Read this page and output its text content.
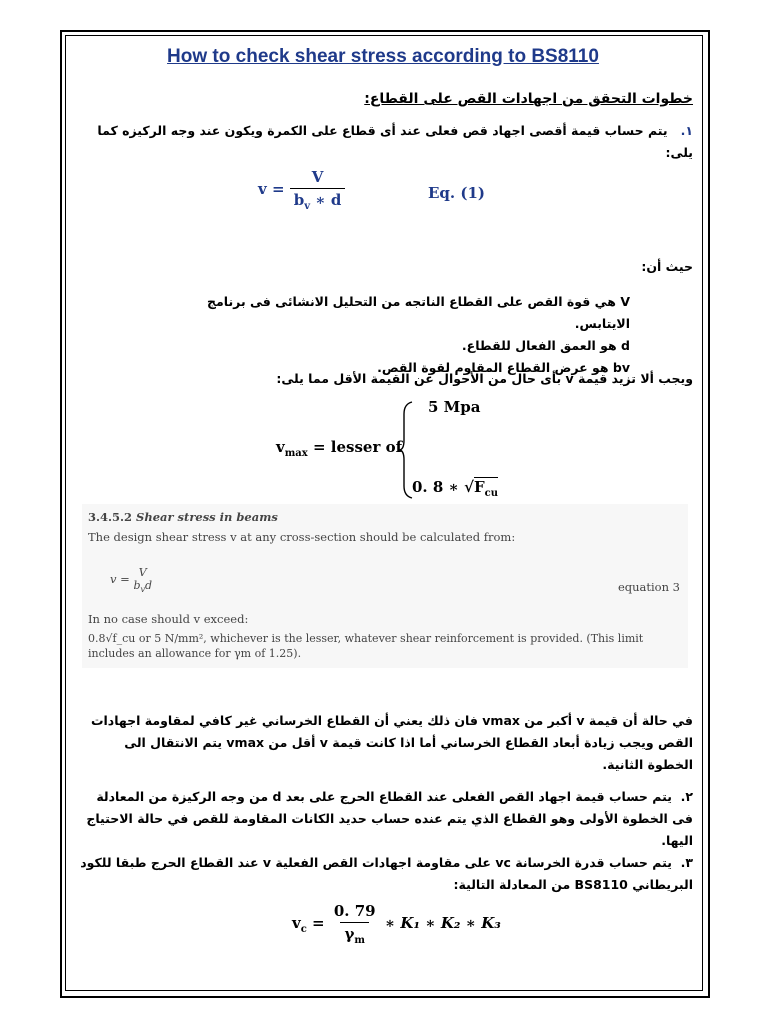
How to check shear stress according to BS8110
خطوات التحقق من اجهادات القص على القطاع:
١.   يتم حساب قيمة أقصى اجهاد قص فعلى عند أى قطاع على الكمرة ويكون عند وجه الركيزه كما يلى:
$v = \frac{V}{b_v ∗ d}$	Eq. (1)
حيث أن:
V هي قوة القص على القطاع الناتجه من التحليل الانشائى فى برنامج الايتابس.
d هو العمق الفعال للقطاع.
bv هو عرض القطاع المقاوم لقوة القص.
ويجب ألا تزيد قيمة v بأى حال من الأحوال عن القيمة الأقل مما يلى:
$v_{max}$ = lesser of
5 Mpa
0. 8 ∗ $√F_{cu}$
3.4.5.2 Shear stress in beams
The design shear stress v at any cross-section should be calculated from:
v = V
$b_vd$	equation 3
In no case should v exceed:
0.8√f_cu or 5 N/mm², whichever is the lesser, whatever shear reinforcement is provided. (This limit
includes an allowance for γm of 1.25).
في حالة أن قيمة v أكبر من vmax فان ذلك يعني أن القطاع الخرساني غير كافي لمقاومة اجهادات القص ويجب زيادة أبعاد القطاع الخرساني أما اذا كانت قيمة v أقل من vmax يتم الانتقال الى الخطوة الثانية.
٢.  يتم حساب قيمة اجهاد القص الفعلى عند القطاع الحرج على بعد d من وجه الركيزة من المعادلة فى الخطوة الأولى وهو القطاع الذي يتم عنده حساب حديد الكانات المقاومة للقص في حالة الاحتياج اليها.
٣.  يتم حساب قدرة الخرسانة vc على مقاومة اجهادات القص الفعلية v عند القطاع الحرج طبقا للكود البريطاني BS8110 من المعادلة التالية:
$v_c = \frac{0. 79}{\gamma_m}$ ∗ K₁ ∗ K₂ ∗ K₃
